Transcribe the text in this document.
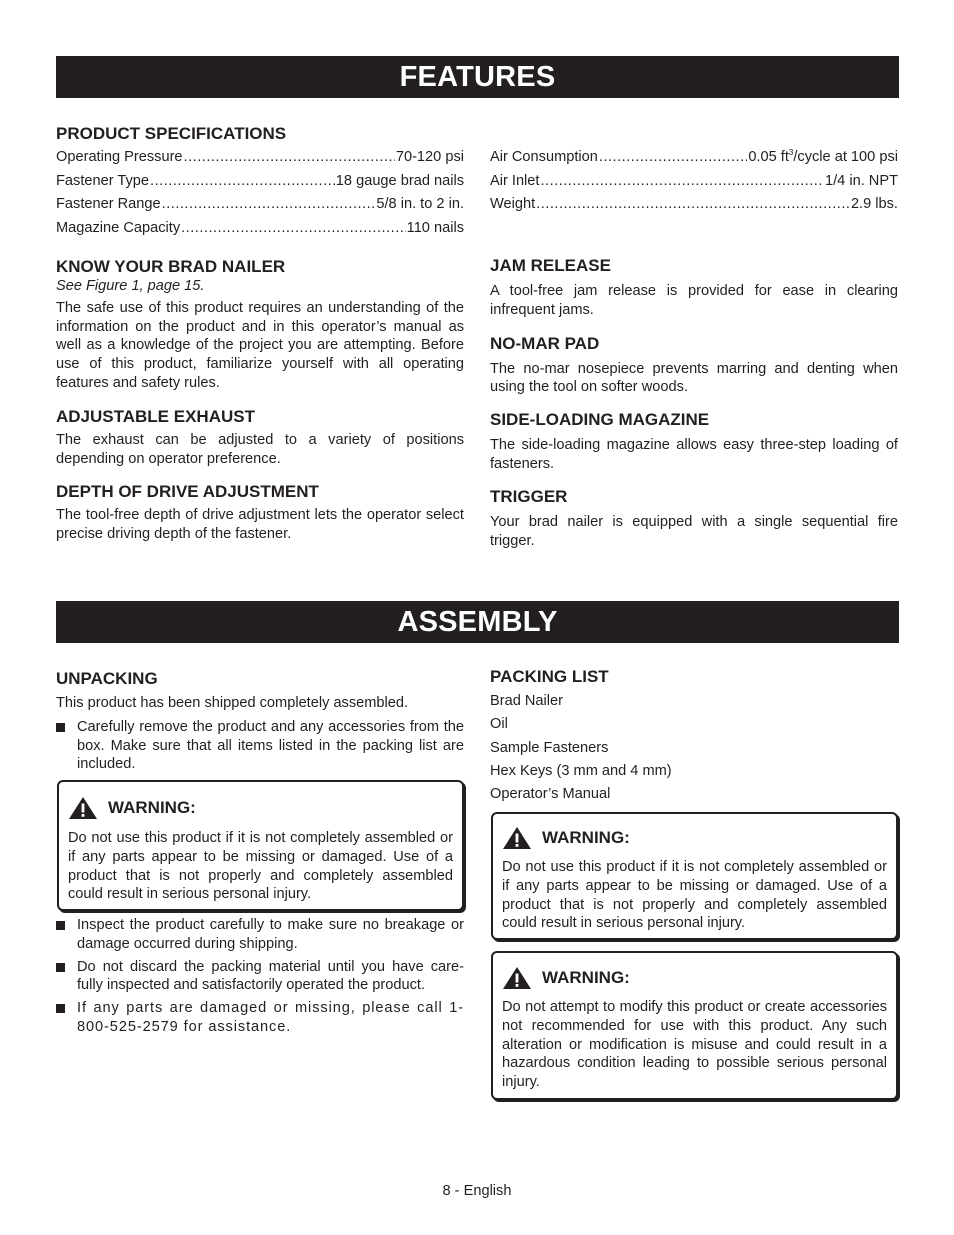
FEATURES
PRODUCT SPECIFICATIONS
Operating Pressure .....	70-120 psi
Fastener Type .....	18 gauge brad nails
Fastener Range .....	5/8 in. to 2 in.
Magazine Capacity .....	110 nails
Air Consumption .....	0.05 $ft^3$/cycle at 100 psi
Air Inlet .....	1/4 in. NPT
Weight .....	2.9 lbs.
KNOW YOUR BRAD NAILER

See Figure 1, page 15.

The safe use of this product requires an understanding of the information on the product and in this operator’s manual as well as a knowledge of the project you are attempting. Before use of this product, familiarize yourself with all operating features and safety rules.

ADJUSTABLE EXHAUST

The exhaust can be adjusted to a variety of positions depending on operator preference.

DEPTH OF DRIVE ADJUSTMENT

The tool-free depth of drive adjustment lets the operator select precise driving depth of the fastener.

JAM RELEASE

A tool-free jam release is provided for ease in clearing infrequent jams.

NO-MAR PAD

The no-mar nosepiece prevents marring and denting when using the tool on softer woods.

SIDE-LOADING MAGAZINE

The side-loading magazine allows easy three-step loading of fasteners.

TRIGGER

Your brad nailer is equipped with a single sequential fire trigger.

ASSEMBLY
UNPACKING

This product has been shipped completely assembled.

Carefully remove the product and any accessories from the box. Make sure that all items listed in the packing list are included.

WARNING:

Do not use this product if it is not completely assembled or if any parts appear to be missing or damaged. Use of a product that is not properly and completely assembled could result in serious personal injury.

Inspect the product carefully to make sure no breakage or damage occurred during shipping.

Do not discard the packing material until you have care- fully inspected and satisfactorily operated the product.

If any parts are damaged or missing, please call 1-800-525-2579 for assistance.

PACKING LIST
Brad Nailer
Oil
Sample Fasteners
Hex Keys (3 mm and 4 mm)
Operator’s Manual
WARNING:

Do not use this product if it is not completely assembled or if any parts appear to be missing or damaged. Use of a product that is not properly and completely assembled could result in serious personal injury.

WARNING:

Do not attempt to modify this product or create accessories not recommended for use with this product. Any such alteration or modification is misuse and could result in a hazardous condition leading to possible serious personal injury.

8 - English
